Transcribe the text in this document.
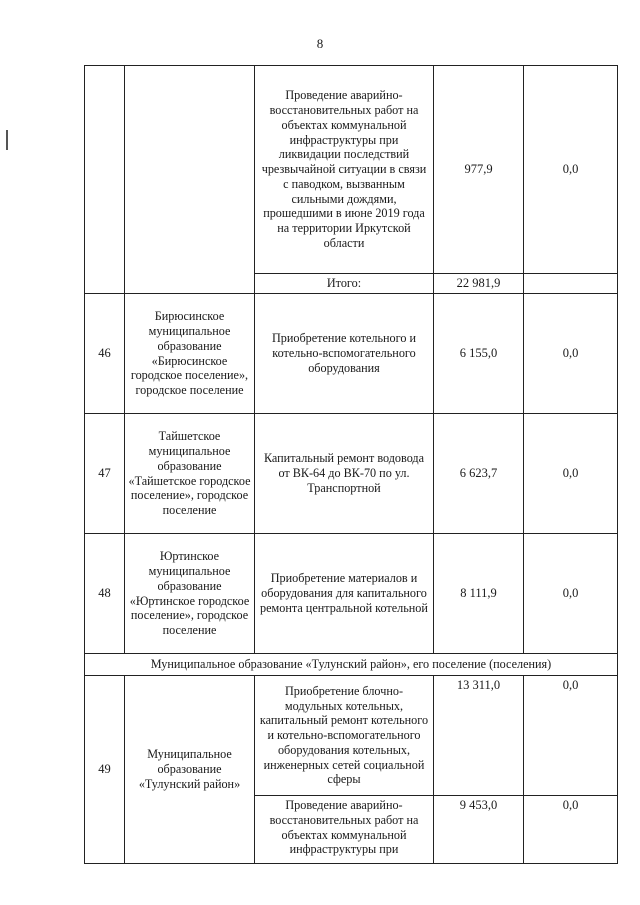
8
		Проведение аварийно-восстановительных работ на объектах коммунальной инфраструктуры при ликвидации последствий чрезвычайной ситуации в связи с паводком, вызванным сильными дождями, прошедшими в июне 2019 года на территории Иркутской области	977,9	0,0
		Итого:	22 981,9	
46	Бирюсинское муниципальное образование «Бирюсинское городское поселение», городское поселение	Приобретение котельного и котельно-вспомогательного оборудования	6 155,0	0,0
47	Тайшетское муниципальное образование «Тайшетское городское поселение», городское поселение	Капитальный ремонт водовода от ВК-64 до ВК-70 по ул. Транспортной	6 623,7	0,0
48	Юртинское муниципальное образование «Юртинское городское поселение», городское поселение	Приобретение материалов и оборудования для капитального ремонта центральной котельной	8 111,9	0,0
Муниципальное образование «Тулунский район», его поселение (поселения)				
49	Муниципальное образование «Тулунский район»	Приобретение блочно-модульных котельных, капитальный ремонт котельного и котельно-вспомогательного оборудования котельных, инженерных сетей социальной сферы	13 311,0	0,0
		Проведение аварийно-восстановительных работ на объектах коммунальной инфраструктуры при	9 453,0	0,0
